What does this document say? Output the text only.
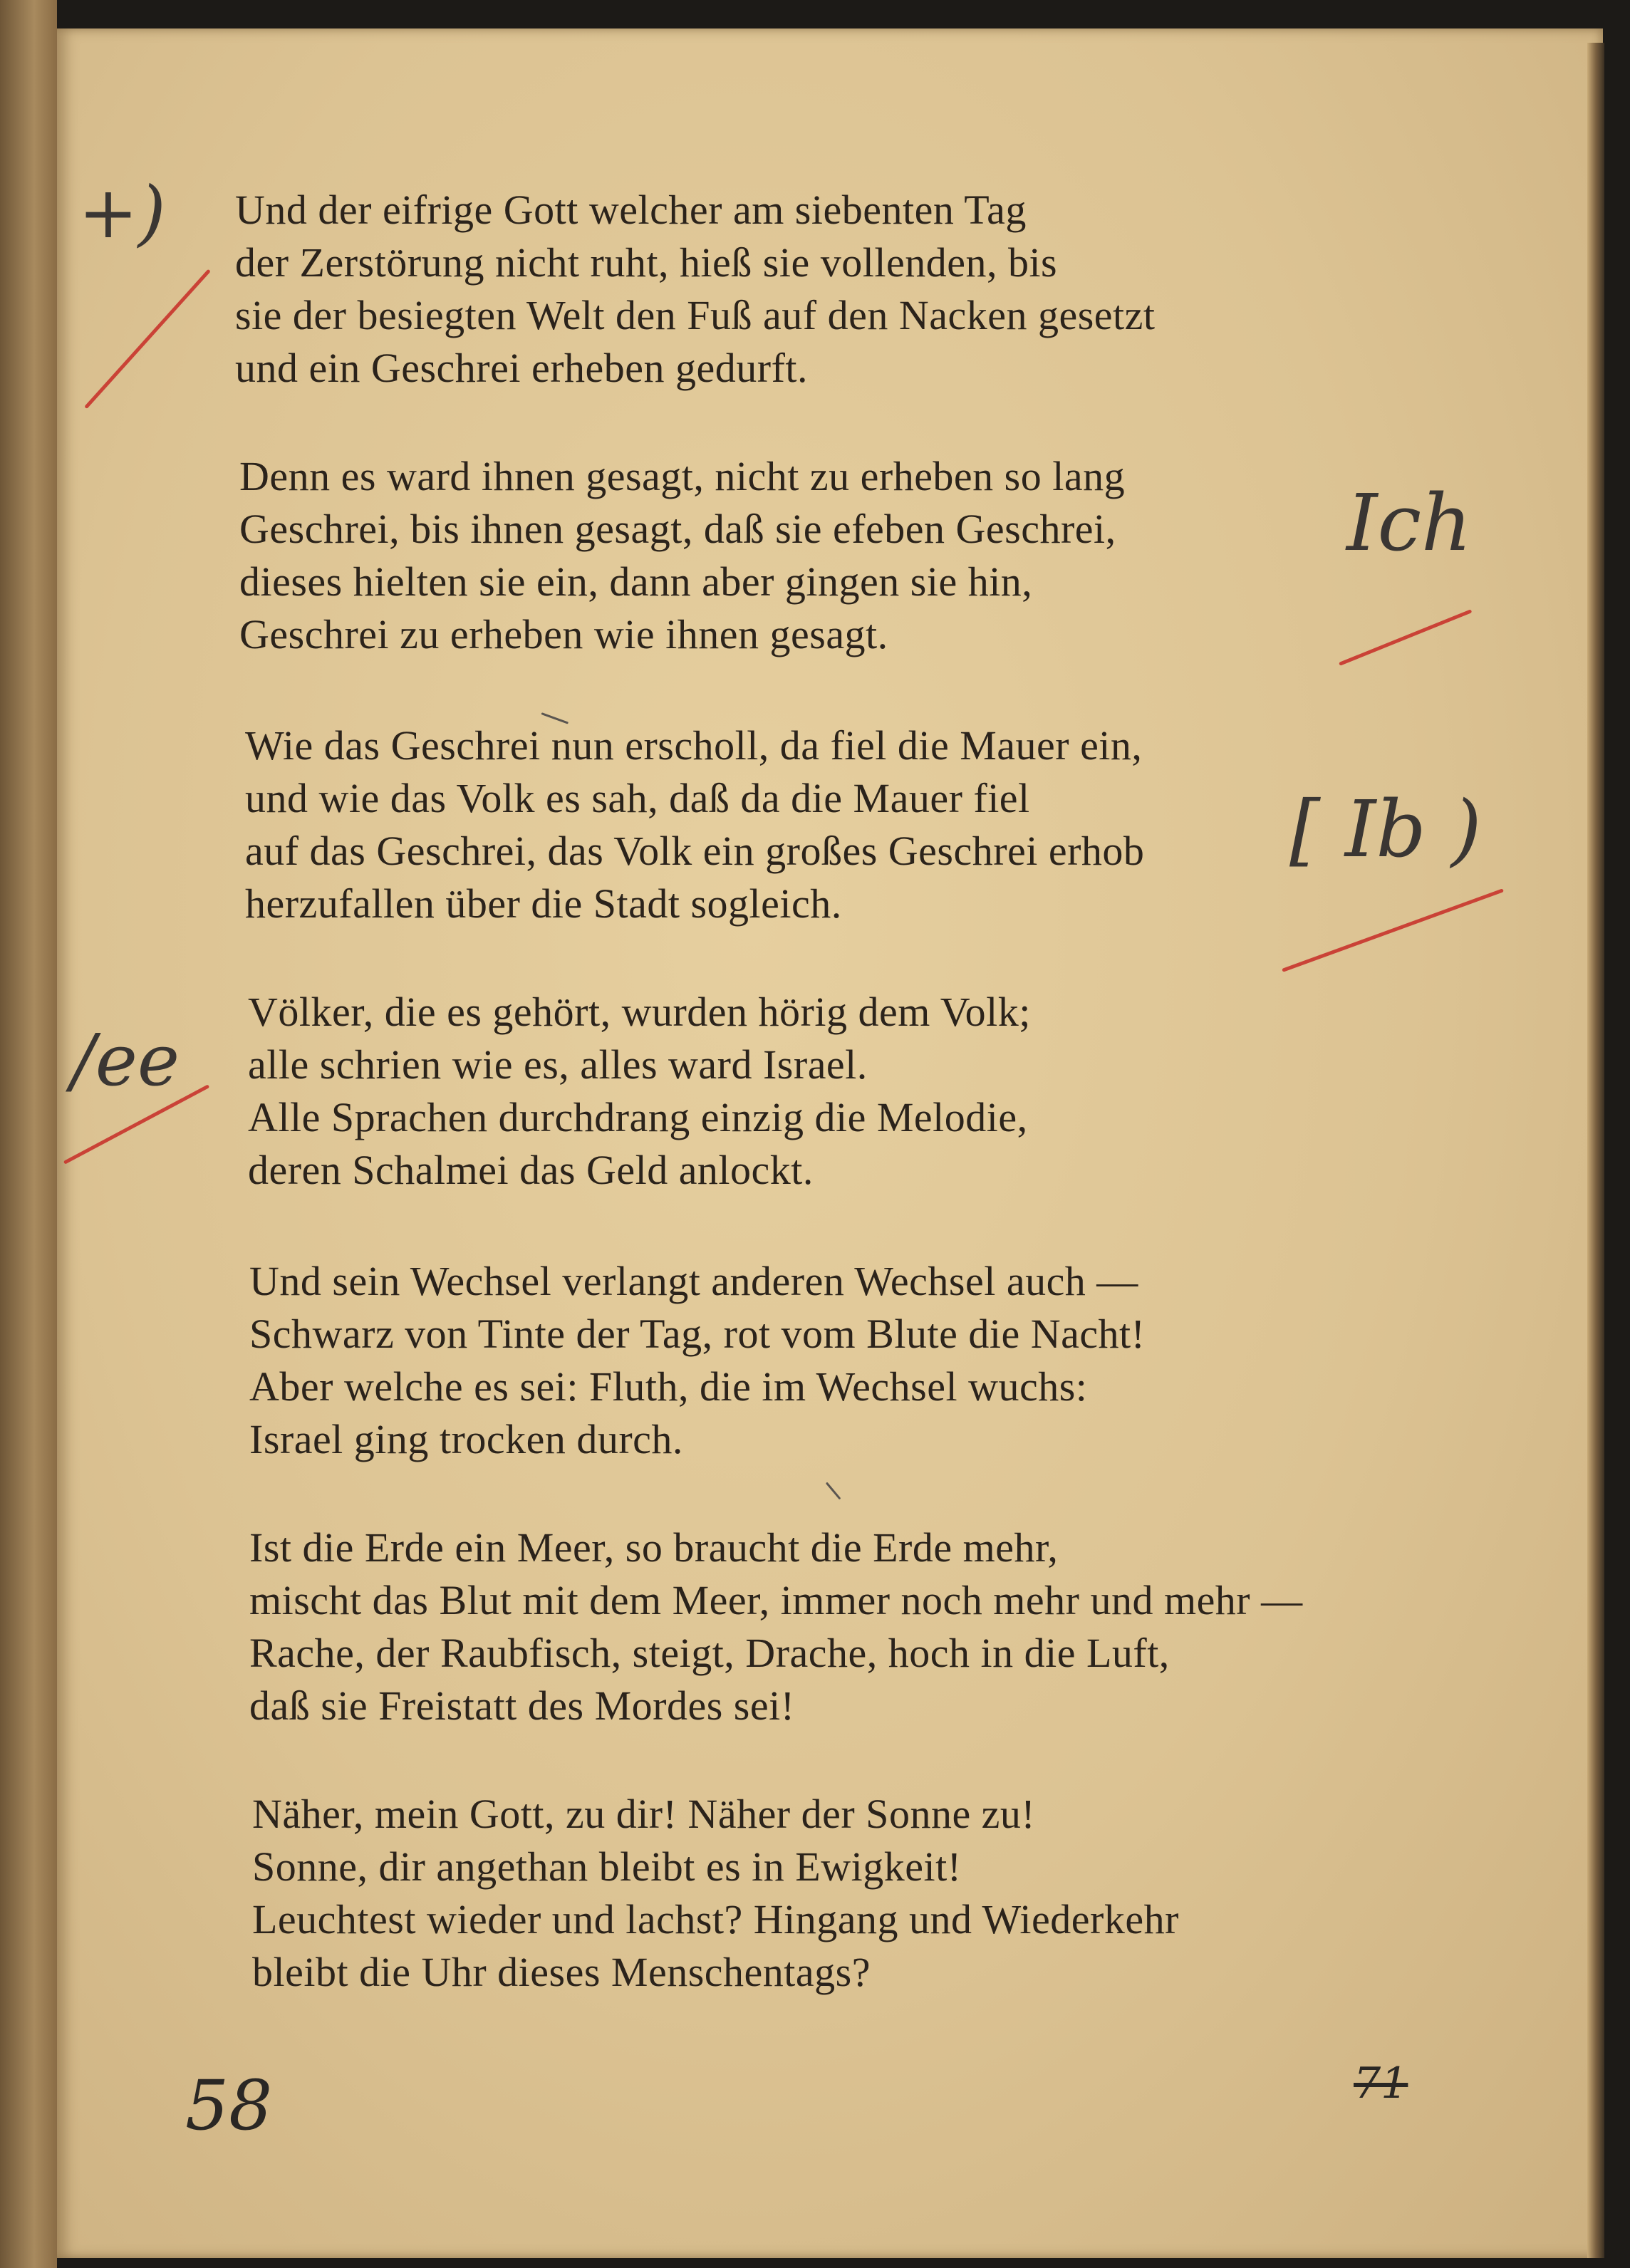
Und der eifrige Gott welcher am siebenten Tag
der Zerstörung nicht ruht, hieß sie vollenden, bis
sie der besiegten Welt den Fuß auf den Nacken gesetzt
und ein Geschrei erheben gedurft.
Denn es ward ihnen gesagt, nicht zu erheben so lang
Geschrei, bis ihnen gesagt, daß sie efeben Geschrei,
dieses hielten sie ein, dann aber gingen sie hin,
Geschrei zu erheben wie ihnen gesagt.
Wie das Geschrei nun erscholl, da fiel die Mauer ein,
und wie das Volk es sah, daß da die Mauer fiel
auf das Geschrei, das Volk ein großes Geschrei erhob
herzufallen über die Stadt sogleich.
Völker, die es gehört, wurden hörig dem Volk;
alle schrien wie es, alles ward Israel.
Alle Sprachen durchdrang einzig die Melodie,
deren Schalmei das Geld anlockt.
Und sein Wechsel verlangt anderen Wechsel auch —
Schwarz von Tinte der Tag, rot vom Blute die Nacht!
Aber welche es sei: Fluth, die im Wechsel wuchs:
Israel ging trocken durch.
Ist die Erde ein Meer, so braucht die Erde mehr,
mischt das Blut mit dem Meer, immer noch mehr und mehr —
Rache, der Raubfisch, steigt, Drache, hoch in die Luft,
daß sie Freistatt des Mordes sei!
Näher, mein Gott, zu dir! Näher der Sonne zu!
Sonne, dir angethan bleibt es in Ewigkeit!
Leuchtest wieder und lachst? Hingang und Wiederkehr
bleibt die Uhr dieses Menschentags?
+)
Ich
[ Ib )
/ee
58	71
